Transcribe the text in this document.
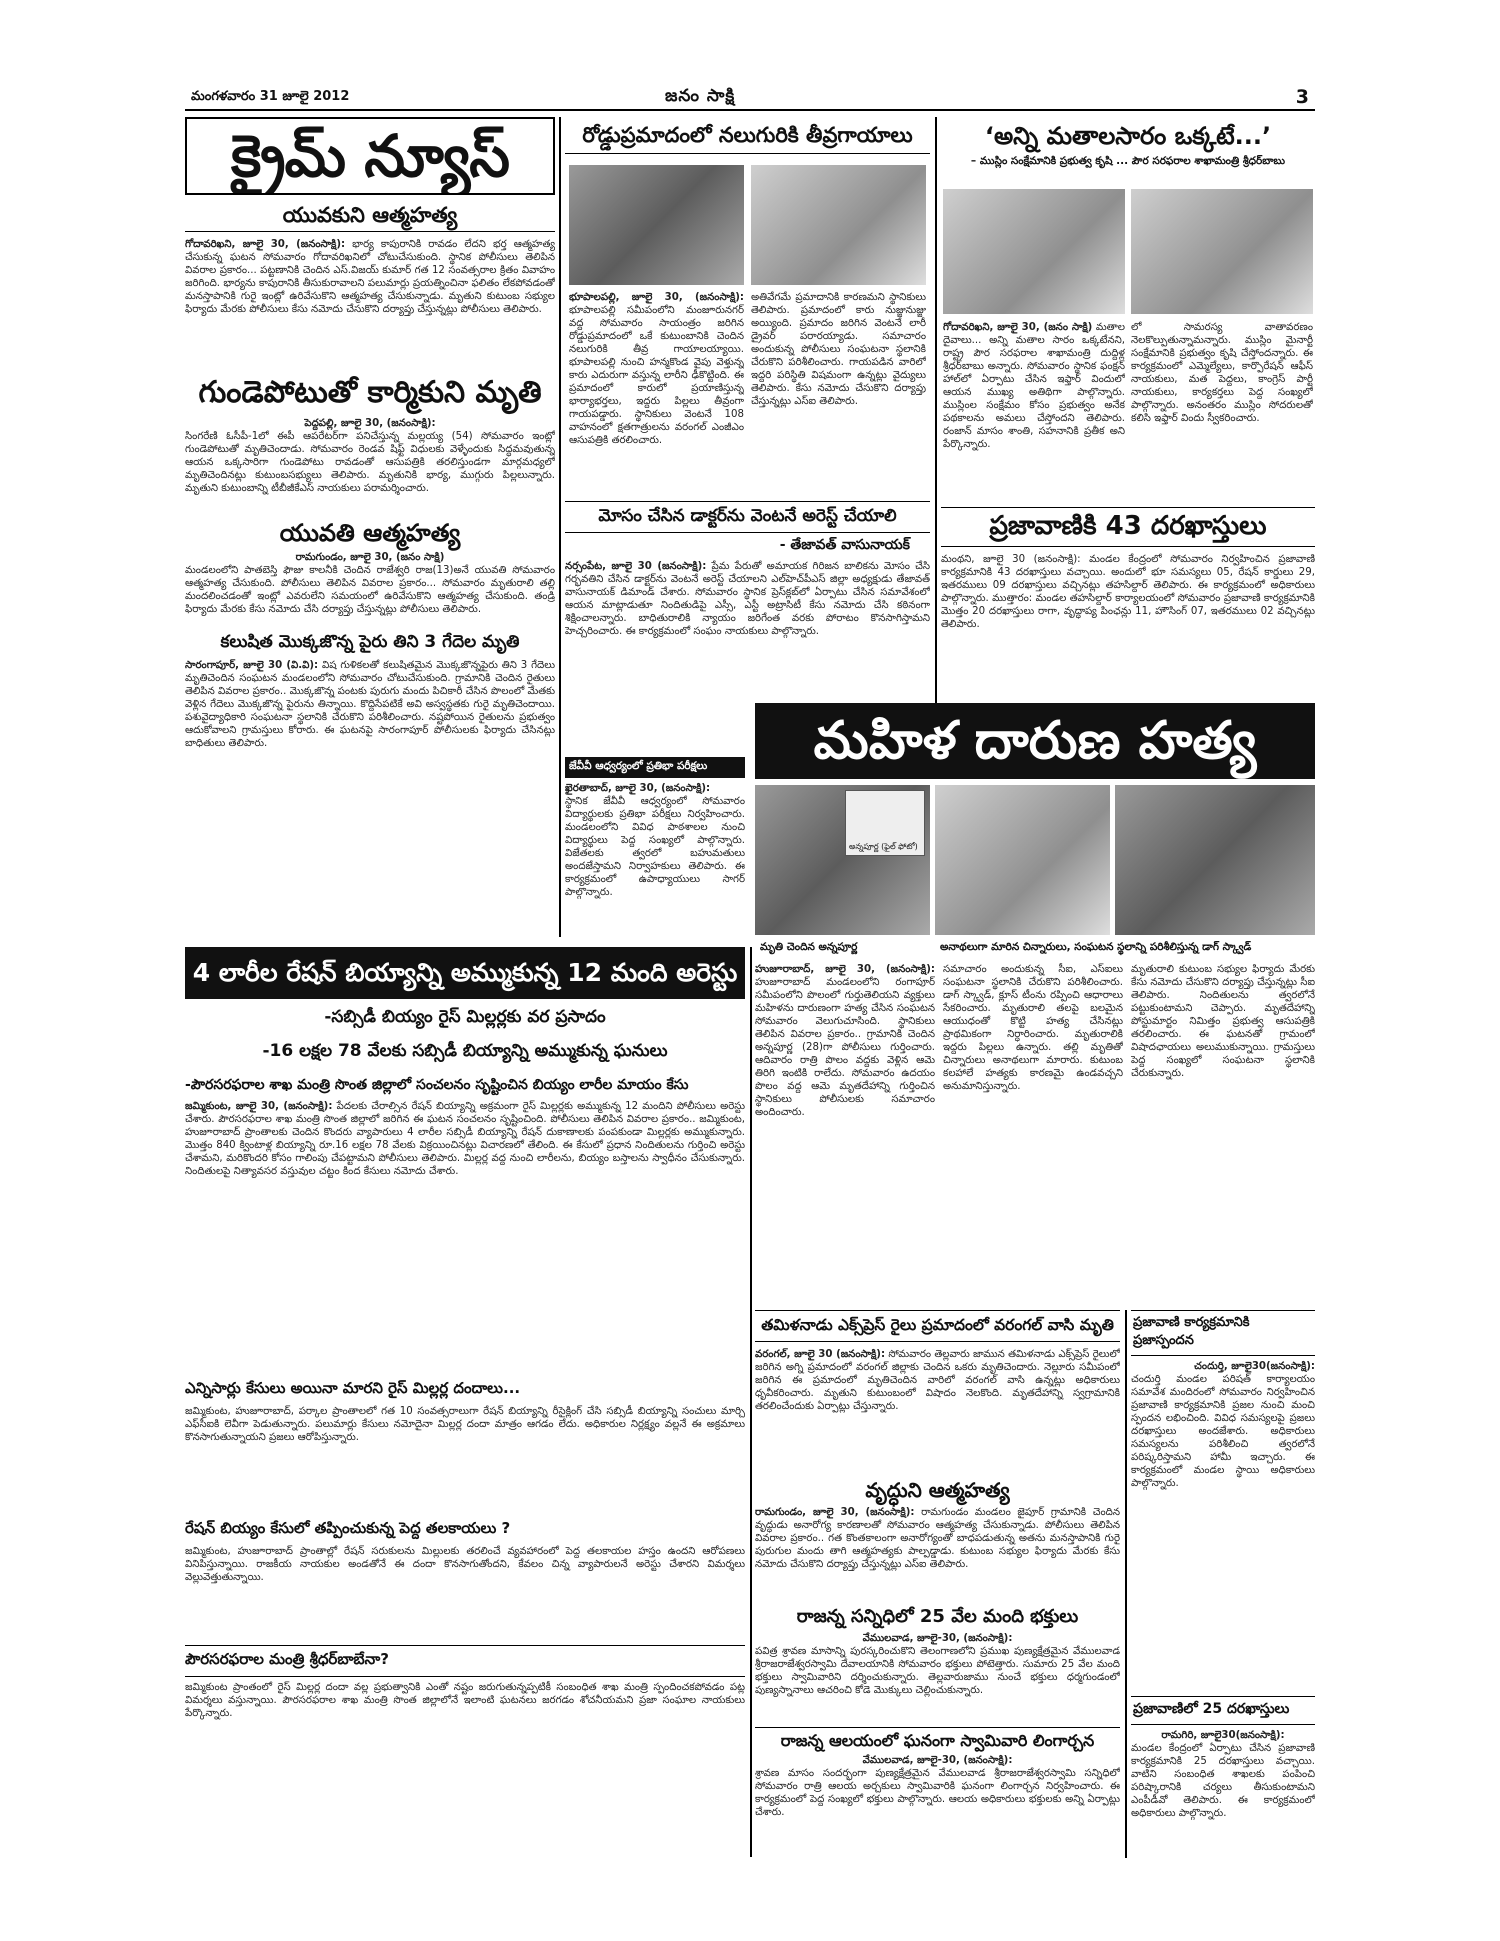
మంగళవారం 31 జూలై 2012	జనం సాక్షి	3
క్రైమ్ న్యూస్
యువకుని ఆత్మహత్య
గోదావరిఖని, జూలై 30, (జనంసాక్షి): భార్య కాపురానికి రావడం లేదని భర్త ఆత్మహత్య చేసుకున్న ఘటన సోమవారం గోదావరిఖనిలో చోటుచేసుకుంది. స్థానిక పోలీసులు తెలిపిన వివరాల ప్రకారం... పట్టణానికి చెందిన ఎస్.విజయ్ కుమార్ గత 12 సంవత్సరాల క్రితం వివాహం జరిగింది. భార్యను కాపురానికి తీసుకురావాలని పలుమార్లు ప్రయత్నించినా ఫలితం లేకపోవడంతో మనస్తాపానికి గురై ఇంట్లో ఉరివేసుకొని ఆత్మహత్య చేసుకున్నాడు. మృతుని కుటుంబ సభ్యుల ఫిర్యాదు మేరకు పోలీసులు కేసు నమోదు చేసుకొని దర్యాప్తు చేస్తున్నట్లు పోలీసులు తెలిపారు.
గుండెపోటుతో కార్మికుని మృతి
పెద్దపల్లి, జూలై 30, (జనంసాక్షి):
సింగరేణి ఓసీపీ-1లో ఈపీ ఆపరేటర్‌గా పనిచేస్తున్న మల్లయ్య (54) సోమవారం ఇంట్లో గుండెపోటుతో మృతిచెందాడు. సోమవారం రెండవ షిఫ్ట్ విధులకు వెళ్ళేందుకు సిద్ధమవుతున్న ఆయన ఒక్కసారిగా గుండెపోటు రావడంతో ఆసుపత్రికి తరలిస్తుండగా మార్గమధ్యలో మృతిచెందినట్లు కుటుంబసభ్యులు తెలిపారు. మృతునికి భార్య, ముగ్గురు పిల్లలున్నారు. మృతుని కుటుంబాన్ని టీబీజీకేఎస్ నాయకులు పరామర్శించారు.
యువతి ఆత్మహత్య
రామగుండం, జూలై 30, (జనం సాక్షి)
మండలంలోని పాతబెస్తి ఫౌజు కాలనీకి చెందిన రాజేశ్వరి రాజ(13)అనే యువతి సోమవారం ఆత్మహత్య చేసుకుంది. పోలీసులు తెలిపిన వివరాల ప్రకారం... సోమవారం మృతురాలి తల్లి మందలించడంతో ఇంట్లో ఎవరులేని సమయంలో ఉరివేసుకొని ఆత్మహత్య చేసుకుంది. తండ్రి ఫిర్యాదు మేరకు కేసు నమోదు చేసి దర్యాప్తు చేస్తున్నట్లు పోలీసులు తెలిపారు.
కలుషిత మొక్కజొన్న పైరు తిని 3 గేదెల మృతి
సారంగాపూర్, జూలై 30 (వి.వి): విష గుళికలతో కలుషితమైన మొక్కజొన్నపైరు తిని 3 గేదెలు మృతిచెందిన సంఘటన మండలంలోని సోమవారం చోటుచేసుకుంది. గ్రామానికి చెందిన రైతులు తెలిపిన వివరాల ప్రకారం.. మొక్కజొన్న పంటకు పురుగు మందు పిచికారీ చేసిన పొలంలో మేతకు వెళ్లిన గేదెలు మొక్కజొన్న పైరును తిన్నాయి. కొద్దిసేపటికే అవి అస్వస్థతకు గురై మృతిచెందాయి. పశువైద్యాధికారి సంఘటనా స్థలానికి చేరుకొని పరిశీలించారు. నష్టపోయిన రైతులను ప్రభుత్వం ఆదుకోవాలని గ్రామస్తులు కోరారు. ఈ ఘటనపై సారంగాపూర్ పోలీసులకు ఫిర్యాదు చేసినట్లు బాధితులు తెలిపారు.
రోడ్డుప్రమాదంలో నలుగురికి తీవ్రగాయాలు
భూపాలపల్లి, జూలై 30, (జనంసాక్షి): భూపాలపల్లి సమీపంలోని మంజూరునగర్ వద్ద సోమవారం సాయంత్రం జరిగిన రోడ్డుప్రమాదంలో ఒకే కుటుంబానికి చెందిన నలుగురికి తీవ్ర గాయాలయ్యాయి. భూపాలపల్లి నుంచి హన్మకొండ వైపు వెళ్తున్న కారు ఎదురుగా వస్తున్న లారీని ఢీకొట్టింది. ఈ ప్రమాదంలో కారులో ప్రయాణిస్తున్న భార్యాభర్తలు, ఇద్దరు పిల్లలు తీవ్రంగా గాయపడ్డారు. స్థానికులు వెంటనే 108 వాహనంలో క్షతగాత్రులను వరంగల్ ఎంజీఎం ఆసుపత్రికి తరలించారు.
అతివేగమే ప్రమాదానికి కారణమని స్థానికులు తెలిపారు. ప్రమాదంలో కారు నుజ్జునుజ్జు అయ్యింది. ప్రమాదం జరిగిన వెంటనే లారీ డ్రైవర్ పరారయ్యాడు. సమాచారం అందుకున్న పోలీసులు సంఘటనా స్థలానికి చేరుకొని పరిశీలించారు. గాయపడిన వారిలో ఇద్దరి పరిస్థితి విషమంగా ఉన్నట్లు వైద్యులు తెలిపారు. కేసు నమోదు చేసుకొని దర్యాప్తు చేస్తున్నట్లు ఎస్ఐ తెలిపారు.
మోసం చేసిన డాక్టర్‌ను వెంటనే అరెస్ట్ చేయాలి
- తేజావత్ వాసునాయక్
నర్సంపేట, జూలై 30 (జనంసాక్షి): ప్రేమ పేరుతో అమాయక గిరిజన బాలికను మోసం చేసి గర్భవతిని చేసిన డాక్టర్‌ను వెంటనే అరెస్ట్ చేయాలని ఎల్‌హెచ్‌పీఎస్ జిల్లా అధ్యక్షుడు తేజావత్ వాసునాయక్ డిమాండ్ చేశారు. సోమవారం స్థానిక ప్రెస్‌క్లబ్‌లో ఏర్పాటు చేసిన సమావేశంలో ఆయన మాట్లాడుతూ నిందితుడిపై ఎస్సీ, ఎస్టీ అట్రాసిటీ కేసు నమోదు చేసి కఠినంగా శిక్షించాలన్నారు. బాధితురాలికి న్యాయం జరిగేంత వరకు పోరాటం కొనసాగిస్తామని హెచ్చరించారు. ఈ కార్యక్రమంలో సంఘం నాయకులు పాల్గొన్నారు.
జేవీవీ ఆధ్వర్యంలో ప్రతిభా పరీక్షలు
ఖైరతాబాద్, జూలై 30, (జనంసాక్షి):
స్థానిక జేవీవీ ఆధ్వర్యంలో సోమవారం విద్యార్థులకు ప్రతిభా పరీక్షలు నిర్వహించారు. మండలంలోని వివిధ పాఠశాలల నుంచి విద్యార్థులు పెద్ద సంఖ్యలో పాల్గొన్నారు. విజేతలకు త్వరలో బహుమతులు అందజేస్తామని నిర్వాహకులు తెలిపారు. ఈ కార్యక్రమంలో ఉపాధ్యాయులు సాగర్ పాల్గొన్నారు.
‘అన్ని మతాలసారం ఒక్కటే...’
– ముస్లిం సంక్షేమానికి ప్రభుత్వ కృషి ... పౌర సరఫరాల శాఖామంత్రి శ్రీధర్‌బాబు
గోదావరిఖని, జూలై 30, (జనం సాక్షి) మతాల దైవాలు... అన్ని మతాల సారం ఒక్కటేనని, రాష్ట్ర పౌర సరఫరాల శాఖామంత్రి దుద్దిళ్ల శ్రీధర్‌బాబు అన్నారు. సోమవారం స్థానిక ఫంక్షన్ హాల్‌లో ఏర్పాటు చేసిన ఇఫ్తార్ విందులో ఆయన ముఖ్య అతిథిగా పాల్గొన్నారు. ముస్లింల సంక్షేమం కోసం ప్రభుత్వం అనేక పథకాలను అమలు చేస్తోందని తెలిపారు. రంజాన్ మాసం శాంతి, సహనానికి ప్రతీక అని పేర్కొన్నారు.
లో సామరస్య వాతావరణం నెలకొల్పుతున్నామన్నారు. ముస్లిం మైనార్టీ సంక్షేమానికి ప్రభుత్వం కృషి చేస్తోందన్నారు. ఈ కార్యక్రమంలో ఎమ్మెల్యేలు, కార్పొరేషన్ ఆఫీస్ నాయకులు, మత పెద్దలు, కాంగ్రెస్ పార్టీ నాయకులు, కార్యకర్తలు పెద్ద సంఖ్యలో పాల్గొన్నారు. అనంతరం ముస్లిం సోదరులతో కలిసి ఇఫ్తార్ విందు స్వీకరించారు.
ప్రజావాణికి 43 దరఖాస్తులు
మంథని, జూలై 30 (జనంసాక్షి): మండల కేంద్రంలో సోమవారం నిర్వహించిన ప్రజావాణి కార్యక్రమానికి 43 దరఖాస్తులు వచ్చాయి. అందులో భూ సమస్యలు 05, రేషన్ కార్డులు 29, ఇతరములు 09 దరఖాస్తులు వచ్చినట్లు తహసిల్దార్ తెలిపారు. ఈ కార్యక్రమంలో అధికారులు పాల్గొన్నారు. ముత్తారం: మండల తహసిల్దార్ కార్యాలయంలో సోమవారం ప్రజావాణి కార్యక్రమానికి మొత్తం 20 దరఖాస్తులు రాగా, వృద్ధాప్య పింఛన్లు 11, హౌసింగ్ 07, ఇతరములు 02 వచ్చినట్లు తెలిపారు.
మహిళ దారుణ హత్య
అన్నపూర్ణ (ఫైల్ ఫోటో)
మృతి చెందిన అన్నపూర్ణ	అనాథలుగా మారిన చిన్నారులు, సంఘటన స్థలాన్ని పరిశీలిస్తున్న డాగ్ స్క్వాడ్
హుజూరాబాద్, జూలై 30, (జనంసాక్షి): హుజూరాబాద్ మండలంలోని రంగాపూర్ సమీపంలోని పొలంలో గుర్తుతెలియని వ్యక్తులు మహిళను దారుణంగా హత్య చేసిన సంఘటన సోమవారం వెలుగుచూసింది. స్థానికులు తెలిపిన వివరాల ప్రకారం.. గ్రామానికి చెందిన అన్నపూర్ణ (28)గా పోలీసులు గుర్తించారు. ఆదివారం రాత్రి పొలం వద్దకు వెళ్లిన ఆమె తిరిగి ఇంటికి రాలేదు. సోమవారం ఉదయం పొలం వద్ద ఆమె మృతదేహాన్ని గుర్తించిన స్థానికులు పోలీసులకు సమాచారం అందించారు.
సమాచారం అందుకున్న సీఐ, ఎస్ఐలు సంఘటనా స్థలానికి చేరుకొని పరిశీలించారు. డాగ్ స్క్వాడ్, క్లూస్ టీంను రప్పించి ఆధారాలు సేకరించారు. మృతురాలి తలపై బలమైన ఆయుధంతో కొట్టి హత్య చేసినట్లు ప్రాథమికంగా నిర్ధారించారు. మృతురాలికి ఇద్దరు పిల్లలు ఉన్నారు. తల్లి మృతితో చిన్నారులు అనాథలుగా మారారు. కుటుంబ కలహాలే హత్యకు కారణమై ఉండవచ్చని అనుమానిస్తున్నారు.
మృతురాలి కుటుంబ సభ్యుల ఫిర్యాదు మేరకు కేసు నమోదు చేసుకొని దర్యాప్తు చేస్తున్నట్లు సీఐ తెలిపారు. నిందితులను త్వరలోనే పట్టుకుంటామని చెప్పారు. మృతదేహాన్ని పోస్టుమార్టం నిమిత్తం ప్రభుత్వ ఆసుపత్రికి తరలించారు. ఈ ఘటనతో గ్రామంలో విషాదఛాయలు అలుముకున్నాయి. గ్రామస్తులు పెద్ద సంఖ్యలో సంఘటనా స్థలానికి చేరుకున్నారు.
4 లారీల రేషన్ బియ్యాన్ని అమ్ముకున్న 12 మంది అరెస్టు
-సబ్సిడీ బియ్యం రైస్ మిల్లర్లకు వర ప్రసాదం
-16 లక్షల 78 వేలకు సబ్సిడీ బియ్యాన్ని అమ్ముకున్న ఘనులు
-పౌరసరఫరాల శాఖ మంత్రి సొంత జిల్లాలో సంచలనం సృష్టించిన బియ్యం లారీల మాయం కేసు
జమ్మికుంట, జూలై 30, (జనంసాక్షి): పేదలకు చేరాల్సిన రేషన్ బియ్యాన్ని అక్రమంగా రైస్ మిల్లర్లకు అమ్ముకున్న 12 మందిని పోలీసులు అరెస్టు చేశారు. పౌరసరఫరాల శాఖ మంత్రి సొంత జిల్లాలో జరిగిన ఈ ఘటన సంచలనం సృష్టించింది. పోలీసులు తెలిపిన వివరాల ప్రకారం.. జమ్మికుంట, హుజూరాబాద్ ప్రాంతాలకు చెందిన కొందరు వ్యాపారులు 4 లారీల సబ్సిడీ బియ్యాన్ని రేషన్ దుకాణాలకు పంపకుండా మిల్లర్లకు అమ్ముకున్నారు. మొత్తం 840 క్వింటాళ్ల బియ్యాన్ని రూ.16 లక్షల 78 వేలకు విక్రయించినట్లు విచారణలో తేలింది. ఈ కేసులో ప్రధాన నిందితులను గుర్తించి అరెస్టు చేశామని, మరికొందరి కోసం గాలింపు చేపట్టామని పోలీసులు తెలిపారు. మిల్లర్ల వద్ద నుంచి లారీలను, బియ్యం బస్తాలను స్వాధీనం చేసుకున్నారు. నిందితులపై నిత్యావసర వస్తువుల చట్టం కింద కేసులు నమోదు చేశారు.
ఎన్నిసార్లు కేసులు అయినా మారని రైస్ మిల్లర్ల దందాలు...
జమ్మికుంట, హుజూరాబాద్, పర్కాల ప్రాంతాలలో గత 10 సంవత్సరాలుగా రేషన్ బియ్యాన్ని రీసైక్లింగ్ చేసి సబ్సిడీ బియ్యాన్ని సంచులు మార్చి ఎఫ్‌సీఐకి లెవీగా పెడుతున్నారు. పలుమార్లు కేసులు నమోదైనా మిల్లర్ల దందా మాత్రం ఆగడం లేదు. అధికారుల నిర్లక్ష్యం వల్లనే ఈ అక్రమాలు కొనసాగుతున్నాయని ప్రజలు ఆరోపిస్తున్నారు.
రేషన్ బియ్యం కేసులో తప్పించుకున్న పెద్ద తలకాయలు ?
జమ్మికుంట, హుజూరాబాద్ ప్రాంతాల్లో రేషన్ సరుకులను మిల్లులకు తరలించే వ్యవహారంలో పెద్ద తలకాయల హస్తం ఉందని ఆరోపణలు వినిపిస్తున్నాయి. రాజకీయ నాయకుల అండతోనే ఈ దందా కొనసాగుతోందని, కేవలం చిన్న వ్యాపారులనే అరెస్టు చేశారని విమర్శలు వెల్లువెత్తుతున్నాయి.
పౌరసరఫరాల మంత్రి శ్రీధర్‌బాబేనా?
జమ్మికుంట ప్రాంతంలో రైస్ మిల్లర్ల దందా వల్ల ప్రభుత్వానికి ఎంతో నష్టం జరుగుతున్నప్పటికీ సంబంధిత శాఖ మంత్రి స్పందించకపోవడం పట్ల విమర్శలు వస్తున్నాయి. పౌరసరఫరాల శాఖ మంత్రి సొంత జిల్లాలోనే ఇలాంటి ఘటనలు జరగడం శోచనీయమని ప్రజా సంఘాల నాయకులు పేర్కొన్నారు.
తమిళనాడు ఎక్స్‌ప్రెస్ రైలు ప్రమాదంలో వరంగల్ వాసి మృతి
వరంగల్, జూలై 30 (జనంసాక్షి): సోమవారం తెల్లవారు జామున తమిళనాడు ఎక్స్‌ప్రెస్ రైలులో జరిగిన అగ్ని ప్రమాదంలో వరంగల్ జిల్లాకు చెందిన ఒకరు మృతిచెందారు. నెల్లూరు సమీపంలో జరిగిన ఈ ప్రమాదంలో మృతిచెందిన వారిలో వరంగల్ వాసి ఉన్నట్లు అధికారులు ధృవీకరించారు. మృతుని కుటుంబంలో విషాదం నెలకొంది. మృతదేహాన్ని స్వగ్రామానికి తరలించేందుకు ఏర్పాట్లు చేస్తున్నారు.
వృద్ధుని ఆత్మహత్య
రామగుండం, జూలై 30, (జనంసాక్షి): రామగుండం మండలం జైపూర్ గ్రామానికి చెందిన వృద్ధుడు అనారోగ్య కారణాలతో సోమవారం ఆత్మహత్య చేసుకున్నాడు. పోలీసులు తెలిపిన వివరాల ప్రకారం.. గత కొంతకాలంగా అనారోగ్యంతో బాధపడుతున్న అతను మనస్తాపానికి గురై పురుగుల మందు తాగి ఆత్మహత్యకు పాల్పడ్డాడు. కుటుంబ సభ్యుల ఫిర్యాదు మేరకు కేసు నమోదు చేసుకొని దర్యాప్తు చేస్తున్నట్లు ఎస్ఐ తెలిపారు.
రాజన్న సన్నిధిలో 25 వేల మంది భక్తులు
వేములవాడ, జూలై-30, (జనంసాక్షి):
పవిత్ర శ్రావణ మాసాన్ని పురస్కరించుకొని తెలంగాణలోని ప్రముఖ పుణ్యక్షేత్రమైన వేములవాడ శ్రీరాజరాజేశ్వరస్వామి దేవాలయానికి సోమవారం భక్తులు పోటెత్తారు. సుమారు 25 వేల మంది భక్తులు స్వామివారిని దర్శించుకున్నారు. తెల్లవారుజాము నుంచే భక్తులు ధర్మగుండంలో పుణ్యస్నానాలు ఆచరించి కోడె మొక్కులు చెల్లించుకున్నారు.
రాజన్న ఆలయంలో ఘనంగా స్వామివారి లింగార్చన
వేములవాడ, జూలై-30, (జనంసాక్షి):
శ్రావణ మాసం సందర్భంగా పుణ్యక్షేత్రమైన వేములవాడ శ్రీరాజరాజేశ్వరస్వామి సన్నిధిలో సోమవారం రాత్రి ఆలయ అర్చకులు స్వామివారికి ఘనంగా లింగార్చన నిర్వహించారు. ఈ కార్యక్రమంలో పెద్ద సంఖ్యలో భక్తులు పాల్గొన్నారు. ఆలయ అధికారులు భక్తులకు అన్ని ఏర్పాట్లు చేశారు.
ప్రజావాణి కార్యక్రమానికి ప్రజాస్పందన
చందుర్తి, జూలై30(జనంసాక్షి):
చందుర్తి మండల పరిషత్ కార్యాలయం సమావేశ మందిరంలో సోమవారం నిర్వహించిన ప్రజావాణి కార్యక్రమానికి ప్రజల నుంచి మంచి స్పందన లభించింది. వివిధ సమస్యలపై ప్రజలు దరఖాస్తులు అందజేశారు. అధికారులు సమస్యలను పరిశీలించి త్వరలోనే పరిష్కరిస్తామని హామీ ఇచ్చారు. ఈ కార్యక్రమంలో మండల స్థాయి అధికారులు పాల్గొన్నారు.
ప్రజావాణిలో 25 దరఖాస్తులు
రామగిరి, జూలై30(జనంసాక్షి):
మండల కేంద్రంలో ఏర్పాటు చేసిన ప్రజావాణి కార్యక్రమానికి 25 దరఖాస్తులు వచ్చాయి. వాటిని సంబంధిత శాఖలకు పంపించి పరిష్కారానికి చర్యలు తీసుకుంటామని ఎంపీడీవో తెలిపారు. ఈ కార్యక్రమంలో అధికారులు పాల్గొన్నారు.
